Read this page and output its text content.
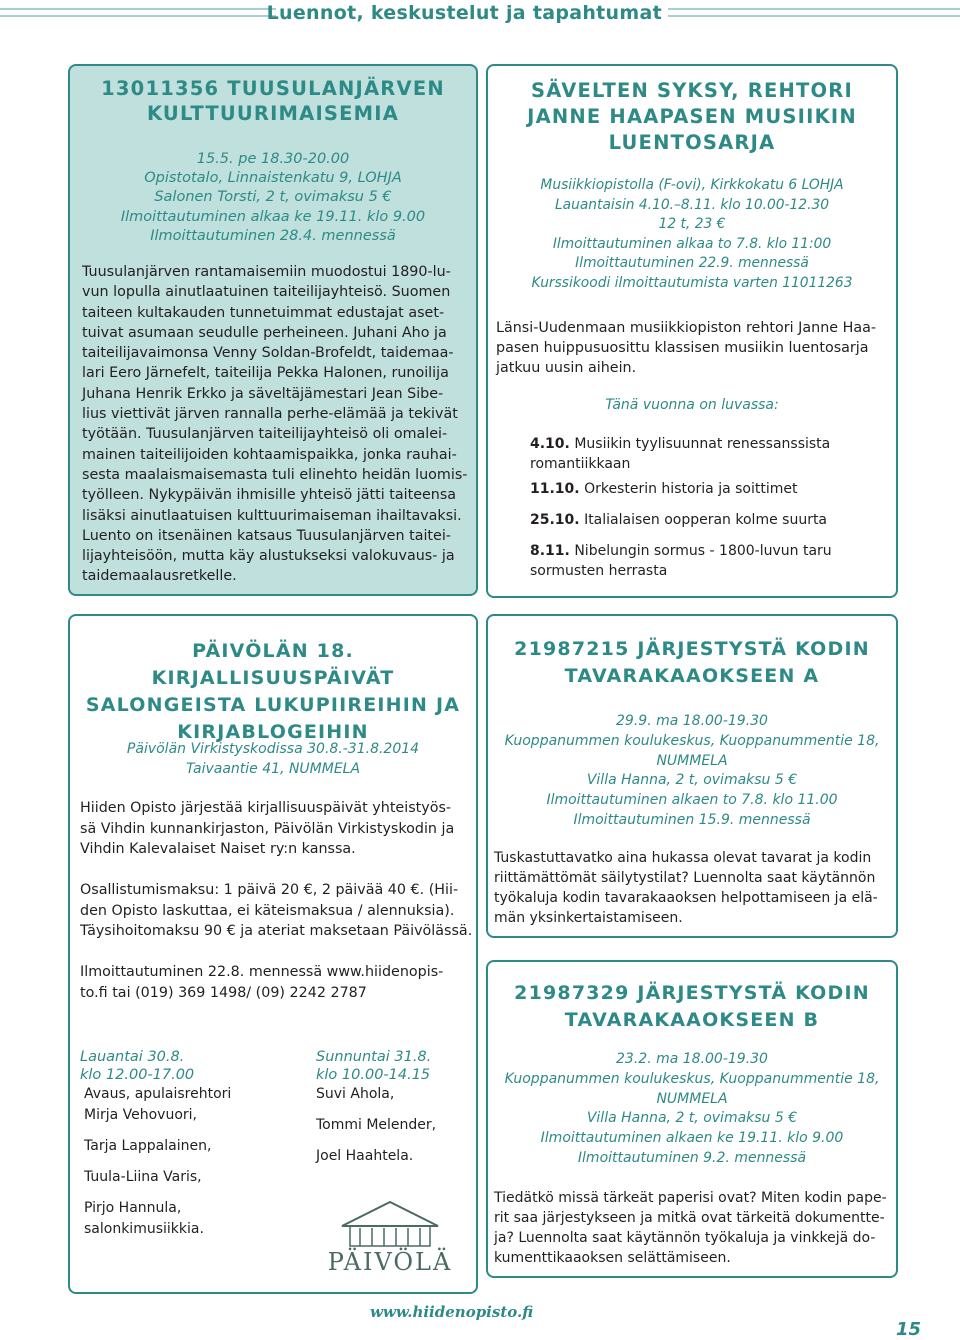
Luennot, keskustelut ja tapahtumat
13011356 TUUSULANJÄRVEN
KULTTUURIMAISEMIA
15.5. pe 18.30-20.00
Opistotalo, Linnaistenkatu 9, LOHJA
Salonen Torsti, 2 t, ovimaksu 5 €
Ilmoittautuminen alkaa ke 19.11. klo 9.00
Ilmoittautuminen 28.4. mennessä
Tuusulanjärven rantamaisemiin muodostui 1890-lu-
vun lopulla ainutlaatuinen taiteilijayhteisö. Suomen
taiteen kultakauden tunnetuimmat edustajat aset-
tuivat asumaan seudulle perheineen. Juhani Aho ja
taiteilijavaimonsa Venny Soldan-Brofeldt, taidemaa-
lari Eero Järnefelt, taiteilija Pekka Halonen, runoilija
Juhana Henrik Erkko ja säveltäjämestari Jean Sibe-
lius viettivät järven rannalla perhe-elämää ja tekivät
työtään. Tuusulanjärven taiteilijayhteisö oli omalei-
mainen taiteilijoiden kohtaamispaikka, jonka rauhai-
sesta maalaismaisemasta tuli elinehto heidän luomis-
työlleen. Nykypäivän ihmisille yhteisö jätti taiteensa
lisäksi ainutlaatuisen kulttuurimaiseman ihailtavaksi.
Luento on itsenäinen katsaus Tuusulanjärven taitei-
lijayhteisöön, mutta käy alustukseksi valokuvaus- ja
taidemaalausretkelle.
SÄVELTEN SYKSY, REHTORI
JANNE HAAPASEN MUSIIKIN
LUENTOSARJA
Musiikkiopistolla (F-ovi), Kirkkokatu 6 LOHJA
Lauantaisin 4.10.–8.11. klo 10.00-12.30
12 t, 23 €
Ilmoittautuminen alkaa to 7.8. klo 11:00
Ilmoittautuminen 22.9. mennessä
Kurssikoodi ilmoittautumista varten 11011263
Länsi-Uudenmaan musiikkiopiston rehtori Janne Haa-
pasen huippusuosittu klassisen musiikin luentosarja
jatkuu uusin aihein.
Tänä vuonna on luvassa:
4.10. Musiikin tyylisuunnat renessanssista
romantiikkaan
11.10. Orkesterin historia ja soittimet
25.10. Italialaisen oopperan kolme suurta
8.11. Nibelungin sormus - 1800-luvun taru
sormusten herrasta
PÄIVÖLÄN 18. KIRJALLISUUSPÄIVÄT
SALONGEISTA LUKUPIIREIHIN JA
KIRJABLOGEIHIN
Päivölän Virkistyskodissa 30.8.-31.8.2014
Taivaantie 41, NUMMELA
Hiiden Opisto järjestää kirjallisuuspäivät yhteistyös-
sä Vihdin kunnankirjaston, Päivölän Virkistyskodin ja
Vihdin Kalevalaiset Naiset ry:n kanssa.
Osallistumismaksu: 1 päivä 20 €, 2 päivää 40 €. (Hii-
den Opisto laskuttaa, ei käteismaksua / alennuksia).
Täysihoitomaksu 90 € ja ateriat maksetaan Päivölässä.
Ilmoittautuminen 22.8. mennessä www.hiidenopis-
to.fi tai (019) 369 1498/ (09) 2242 2787
Lauantai 30.8.
klo 12.00-17.00
Avaus, apulaisrehtori
Mirja Vehovuori,
Tarja Lappalainen,
Tuula-Liina Varis,
Pirjo Hannula,
salonkimusiikkia.
Sunnuntai 31.8.
klo 10.00-14.15
Suvi Ahola,
Tommi Melender,
Joel Haahtela.
PÄIVÖLÄ
21987215 JÄRJESTYSTÄ KODIN
TAVARAKAAOKSEEN A
29.9. ma 18.00-19.30
Kuoppanummen koulukeskus, Kuoppanummentie 18,
NUMMELA
Villa Hanna, 2 t, ovimaksu 5 €
Ilmoittautuminen alkaen to 7.8. klo 11.00
Ilmoittautuminen 15.9. mennessä
Tuskastuttavatko aina hukassa olevat tavarat ja kodin
riittämättömät säilytystilat? Luennolta saat käytännön
työkaluja kodin tavarakaaoksen helpottamiseen ja elä-
män yksinkertaistamiseen.
21987329 JÄRJESTYSTÄ KODIN
TAVARAKAAOKSEEN B
23.2. ma 18.00-19.30
Kuoppanummen koulukeskus, Kuoppanummentie 18,
NUMMELA
Villa Hanna, 2 t, ovimaksu 5 €
Ilmoittautuminen alkaen ke 19.11. klo 9.00
Ilmoittautuminen 9.2. mennessä
Tiedätkö missä tärkeät paperisi ovat? Miten kodin pape-
rit saa järjestykseen ja mitkä ovat tärkeitä dokumentte-
ja? Luennolta saat käytännön työkaluja ja vinkkejä do-
kumenttikaaoksen selättämiseen.
www.hiidenopisto.fi
15
